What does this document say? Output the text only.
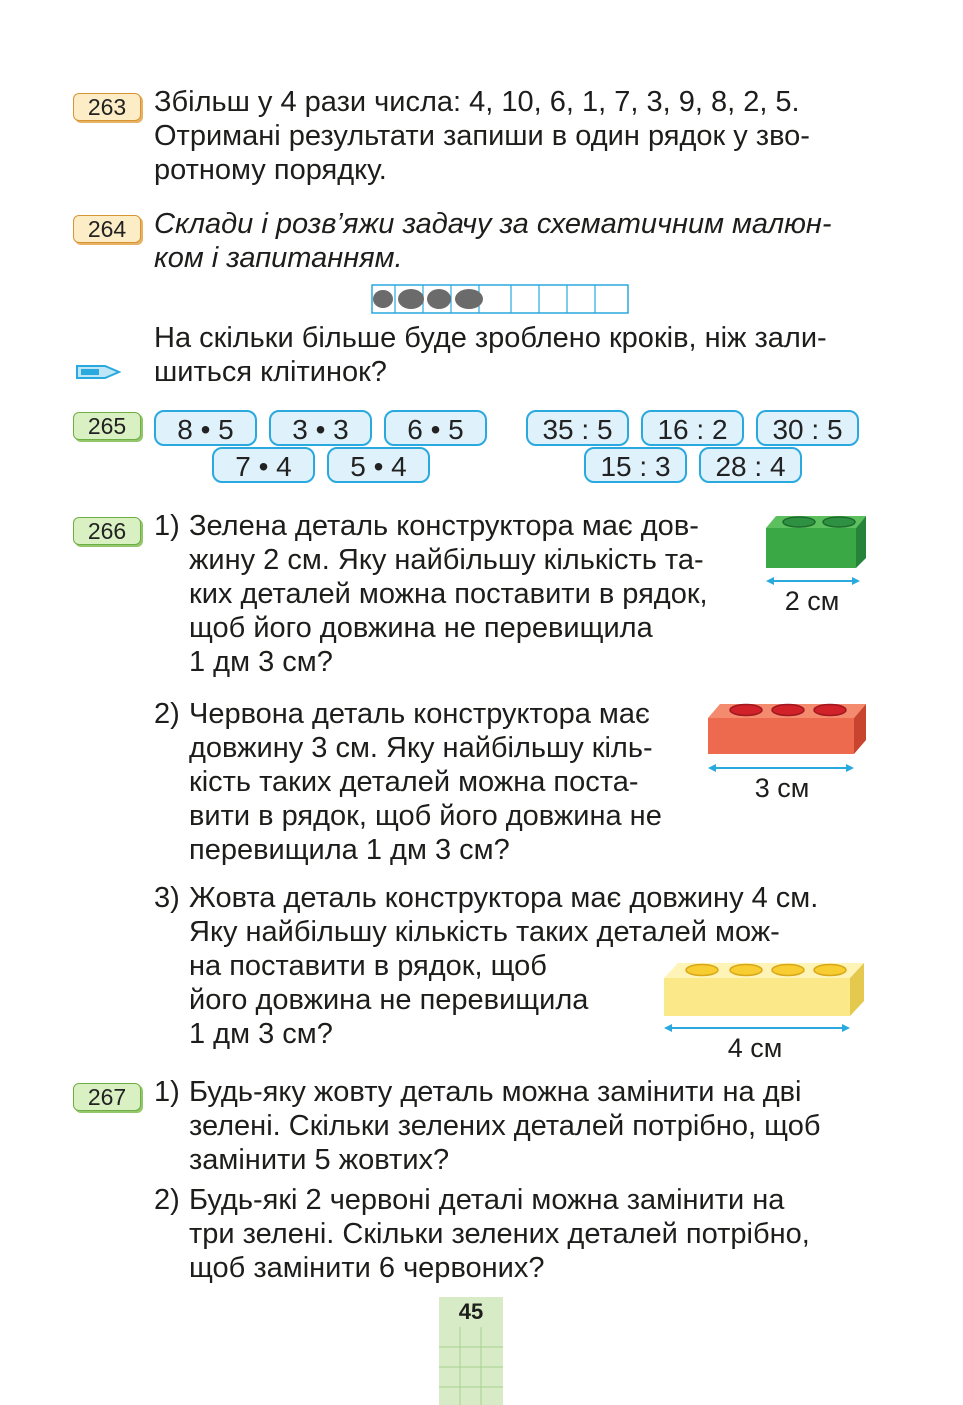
263 Збільш у 4 рази числа: 4, 10, 6, 1, 7, 3, 9, 8, 2, 5.
Отримані результати запиши в один рядок у зво-
ротному порядку.
264 Склади і розв’яжи задачу за схематичним малюн-
ком і запитанням.
На скільки більше буде зроблено кроків, ніж зали-
шиться клітинок?
265	8 • 5	3 • 3	6 • 5
7 • 4	5 • 4
35 : 5	16 : 2	30 : 5
15 : 3	28 : 4
266 1) Зелена деталь конструктора має дов-
жину 2 см. Яку найбільшу кількість та-
ких деталей можна поставити в рядок,
щоб його довжина не перевищила
1 дм 3 см?
2 см
2) Червона деталь конструктора має
довжину 3 см. Яку найбільшу кіль-
кість таких деталей можна поста-
вити в рядок, щоб його довжина не
перевищила 1 дм 3 см?
3 см
3) Жовта деталь конструктора має довжину 4 см.
Яку найбільшу кількість таких деталей мож-
на поставити в рядок, щоб
його довжина не перевищила
1 дм 3 см?	4 см
267 1) Будь-яку жовту деталь можна замінити на дві
зелені. Скільки зелених деталей потрібно, щоб
замінити 5 жовтих?
2) Будь-які 2 червоні деталі можна замінити на
три зелені. Скільки зелених деталей потрібно,
щоб замінити 6 червоних?
45
